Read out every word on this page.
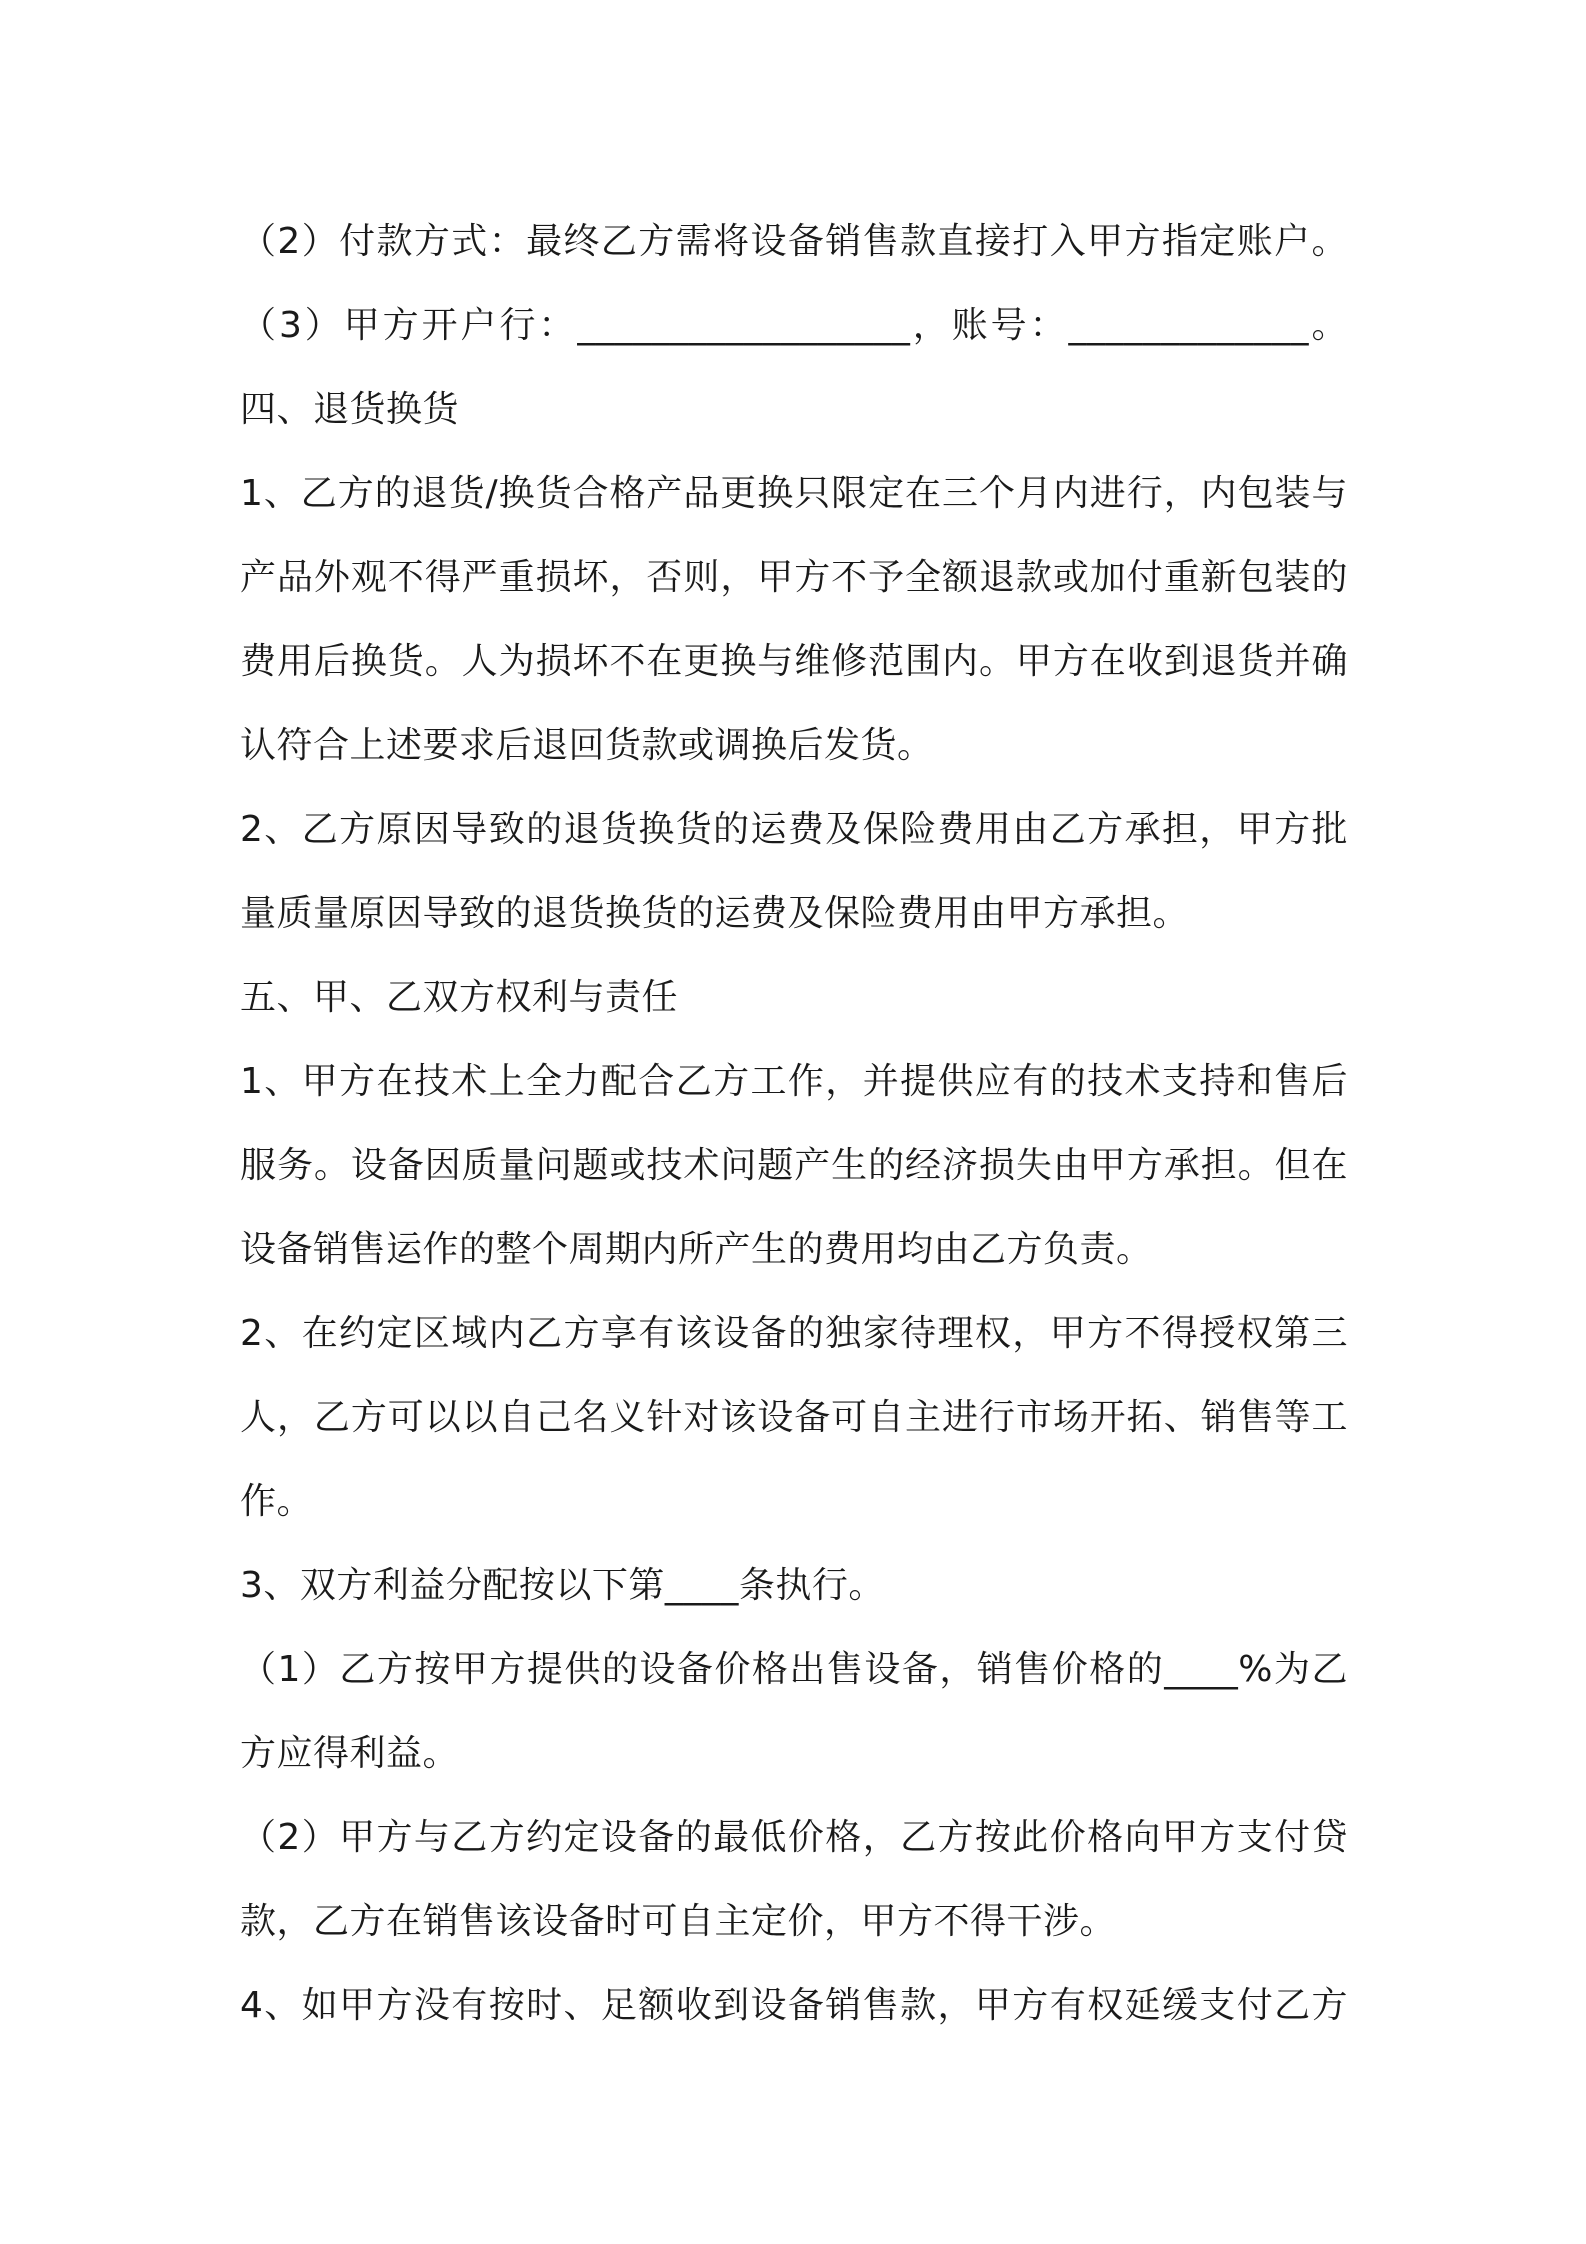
（2）付款方式：最终乙方需将设备销售款直接打入甲方指定账户。
（3）甲方开户行：__________________，账号：_____________。
四、退货换货
1、乙方的退货/换货合格产品更换只限定在三个月内进行，内包装与
产品外观不得严重损坏，否则，甲方不予全额退款或加付重新包装的
费用后换货。人为损坏不在更换与维修范围内。甲方在收到退货并确
认符合上述要求后退回货款或调换后发货。
2、乙方原因导致的退货换货的运费及保险费用由乙方承担，甲方批
量质量原因导致的退货换货的运费及保险费用由甲方承担。
五、甲、乙双方权利与责任
1、甲方在技术上全力配合乙方工作，并提供应有的技术支持和售后
服务。设备因质量问题或技术问题产生的经济损失由甲方承担。但在
设备销售运作的整个周期内所产生的费用均由乙方负责。
2、在约定区域内乙方享有该设备的独家待理权，甲方不得授权第三
人，乙方可以以自己名义针对该设备可自主进行市场开拓、销售等工
作。
3、双方利益分配按以下第____条执行。
（1）乙方按甲方提供的设备价格出售设备，销售价格的____%为乙
方应得利益。
（2）甲方与乙方约定设备的最低价格，乙方按此价格向甲方支付贷
款，乙方在销售该设备时可自主定价，甲方不得干涉。
4、如甲方没有按时、足额收到设备销售款，甲方有权延缓支付乙方
